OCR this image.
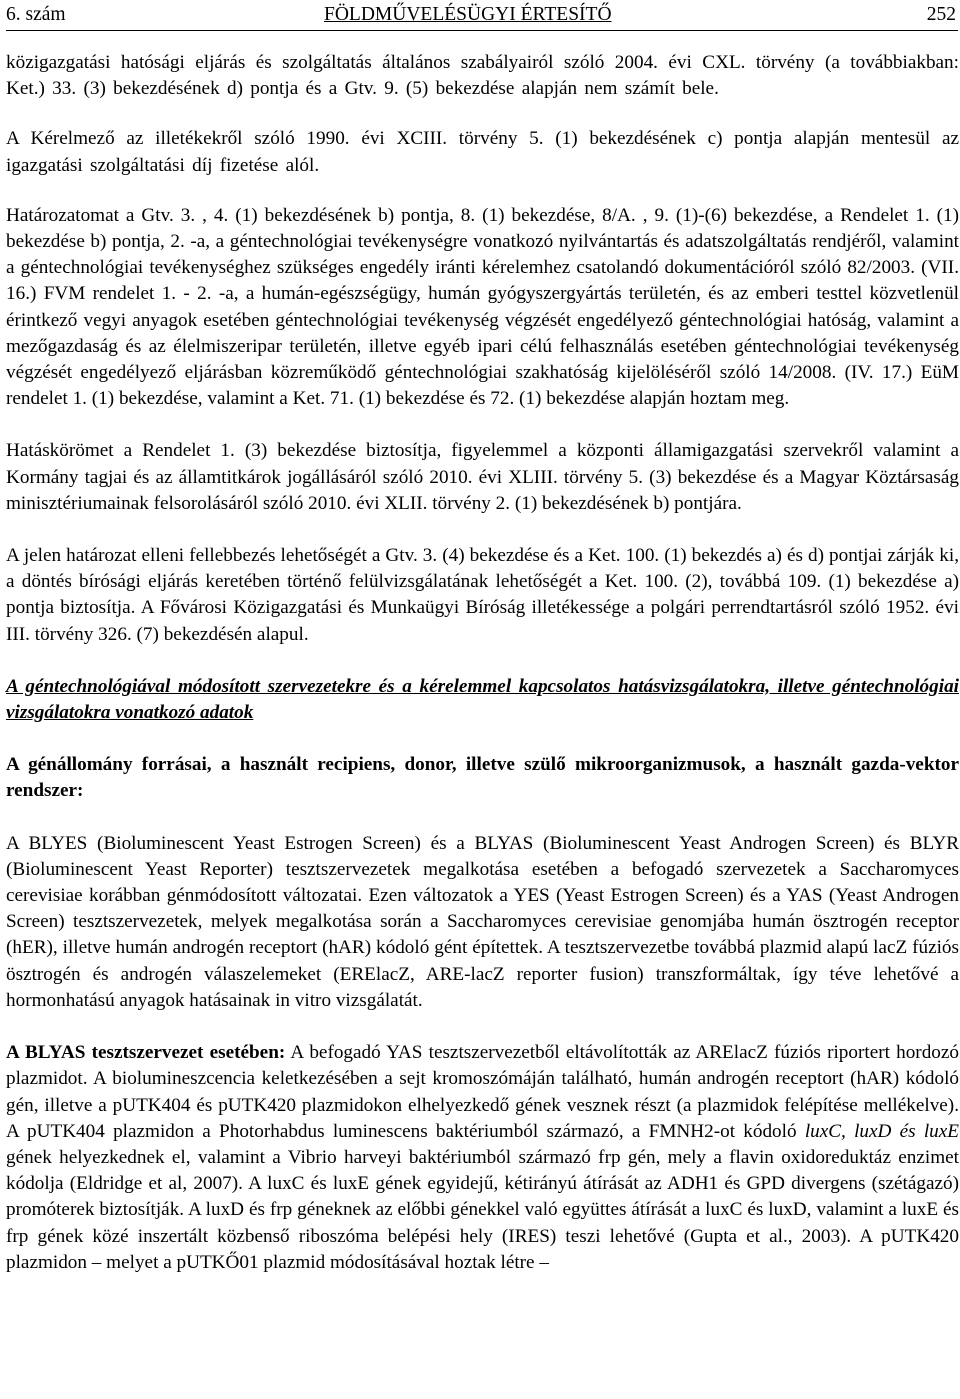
6. szám	FÖLDMŰVELÉSÜGYI ÉRTESÍTŐ	252

közigazgatási hatósági eljárás és szolgáltatás általános szabályairól szóló 2004. évi CXL. törvény (a továbbiakban: Ket.) 33. (3) bekezdésének d) pontja és a Gtv. 9. (5) bekezdése alapján nem számít bele.

A Kérelmező az illetékekről szóló 1990. évi XCIII. törvény 5. (1) bekezdésének c) pontja alapján mentesül az igazgatási szolgáltatási díj fizetése alól.

Határozatomat a Gtv. 3. , 4. (1) bekezdésének b) pontja, 8. (1) bekezdése, 8/A. , 9. (1)-(6) bekezdése, a Rendelet 1. (1) bekezdése b) pontja, 2. -a, a géntechnológiai tevékenységre vonatkozó nyilvántartás és adatszolgáltatás rendjéről, valamint a géntechnológiai tevékenységhez szükséges engedély iránti kérelemhez csatolandó dokumentációról szóló 82/2003. (VII. 16.) FVM rendelet 1. - 2. -a, a humán-egészségügy, humán gyógyszergyártás területén, és az emberi testtel közvetlenül érintkező vegyi anyagok esetében géntechnológiai tevékenység végzését engedélyező géntechnológiai hatóság, valamint a mezőgazdaság és az élelmiszeripar területén, illetve egyéb ipari célú felhasználás esetében géntechnológiai tevékenység végzését engedélyező eljárásban közreműködő géntechnológiai szakhatóság kijelöléséről szóló 14/2008. (IV. 17.) EüM rendelet 1. (1) bekezdése, valamint a Ket. 71. (1) bekezdése és 72. (1) bekezdése alapján hoztam meg.

Hatáskörömet a Rendelet 1. (3) bekezdése biztosítja, figyelemmel a központi államigazgatási szervekről valamint a Kormány tagjai és az államtitkárok jogállásáról szóló 2010. évi XLIII. törvény 5. (3) bekezdése és a Magyar Köztársaság minisztériumainak felsorolásáról szóló 2010. évi XLII. törvény 2. (1) bekezdésének b) pontjára.

A jelen határozat elleni fellebbezés lehetőségét a Gtv. 3. (4) bekezdése és a Ket. 100. (1) bekezdés a) és d) pontjai zárják ki, a döntés bírósági eljárás keretében történő felülvizsgálatának lehetőségét a Ket. 100. (2), továbbá 109. (1) bekezdése a) pontja biztosítja. A Fővárosi Közigazgatási és Munkaügyi Bíróság illetékessége a polgári perrendtartásról szóló 1952. évi III. törvény 326. (7) bekezdésén alapul.

A géntechnológiával módosított szervezetekre és a kérelemmel kapcsolatos hatásvizsgálatokra, illetve géntechnológiai vizsgálatokra vonatkozó adatok

A génállomány forrásai, a használt recipiens, donor, illetve szülő mikroorganizmusok, a használt gazda-vektor rendszer:

A BLYES (Bioluminescent Yeast Estrogen Screen) és a BLYAS (Bioluminescent Yeast Androgen Screen) és BLYR (Bioluminescent Yeast Reporter) tesztszervezetek megalkotása esetében a befogadó szervezetek a Saccharomyces cerevisiae korábban génmódosított változatai. Ezen változatok a YES (Yeast Estrogen Screen) és a YAS (Yeast Androgen Screen) tesztszervezetek, melyek megalkotása során a Saccharomyces cerevisiae genomjába humán ösztrogén receptor (hER), illetve humán androgén receptort (hAR) kódoló gént építettek. A tesztszervezetbe továbbá plazmid alapú lacZ fúziós ösztrogén és androgén válaszelemeket (ERElacZ, ARE-lacZ reporter fusion) transzformáltak, így téve lehetővé a hormonhatású anyagok hatásainak in vitro vizsgálatát.

A BLYAS tesztszervezet esetében: A befogadó YAS tesztszervezetből eltávolították az ARElacZ fúziós riportert hordozó plazmidot. A biolumineszcencia keletkezésében a sejt kromoszómáján található, humán androgén receptort (hAR) kódoló gén, illetve a pUTK404 és pUTK420 plazmidokon elhelyezkedő gének vesznek részt (a plazmidok felépítése mellékelve). A pUTK404 plazmidon a Photorhabdus luminescens baktériumból származó, a FMNH2-ot kódoló luxC, luxD és luxE gének helyezkednek el, valamint a Vibrio harveyi baktériumból származó frp gén, mely a flavin oxidoreduktáz enzimet kódolja (Eldridge et al, 2007). A luxC és luxE gének egyidejű, kétirányú átírását az ADH1 és GPD divergens (szétágazó) promóterek biztosítják. A luxD és frp géneknek az előbbi génekkel való együttes átírását a luxC és luxD, valamint a luxE és frp gének közé inszertált közbenső riboszóma belépési hely (IRES) teszi lehetővé (Gupta et al., 2003). A pUTK420 plazmidon – melyet a pUTKŐ01 plazmid módosításával hoztak létre –
